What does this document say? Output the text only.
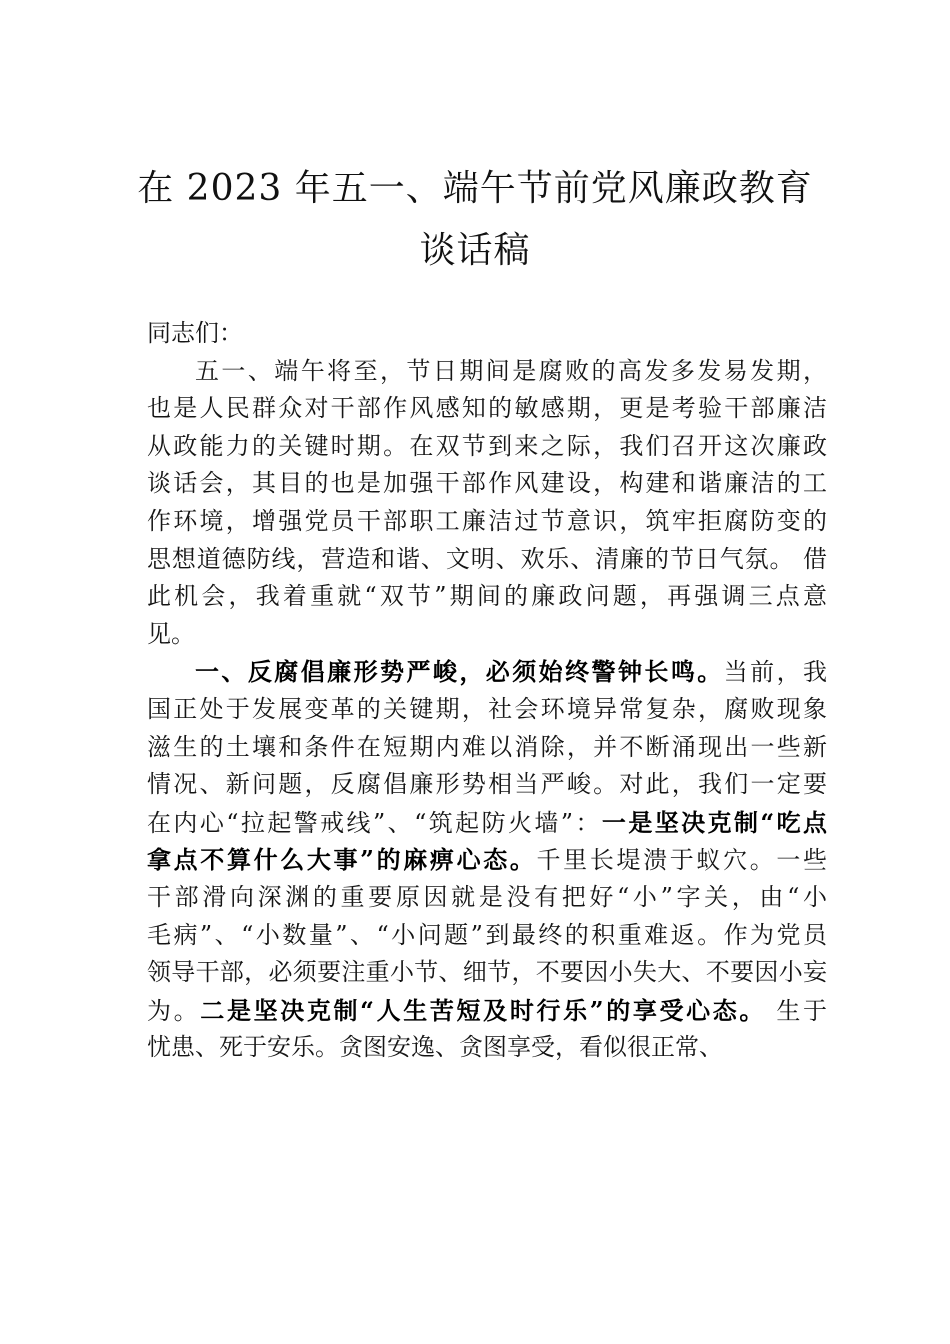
在 2023 年五一、端午节前党风廉政教育
谈话稿
同志们：
五一、端午将至，节日期间是腐败的高发多发易发期，
也是人民群众对干部作风感知的敏感期，更是考验干部廉洁
从政能力的关键时期。在双节到来之际，我们召开这次廉政
谈话会，其目的也是加强干部作风建设，构建和谐廉洁的工
作环境，增强党员干部职工廉洁过节意识，筑牢拒腐防变的
思想道德防线，营造和谐、文明、欢乐、清廉的节日气氛。 借
此机会，我着重就“双节”期间的廉政问题，再强调三点意
见。
一、反腐倡廉形势严峻，必须始终警钟长鸣。当前，我
国正处于发展变革的关键期，社会环境异常复杂，腐败现象
滋生的土壤和条件在短期内难以消除，并不断涌现出一些新
情况、新问题，反腐倡廉形势相当严峻。对此，我们一定要
在内心“拉起警戒线”、“筑起防火墙”：一是坚决克制“吃点
拿点不算什么大事”的麻痹心态。千里长堤溃于蚁穴。一些
干部滑向深渊的重要原因就是没有把好“小”字关，由“小
毛病”、“小数量”、“小问题”到最终的积重难返。作为党员
领导干部，必须要注重小节、细节，不要因小失大、不要因小妄
为。二是坚决克制“人生苦短及时行乐”的享受心态。 生于
忧患、死于安乐。贪图安逸、贪图享受，看似很正常、
